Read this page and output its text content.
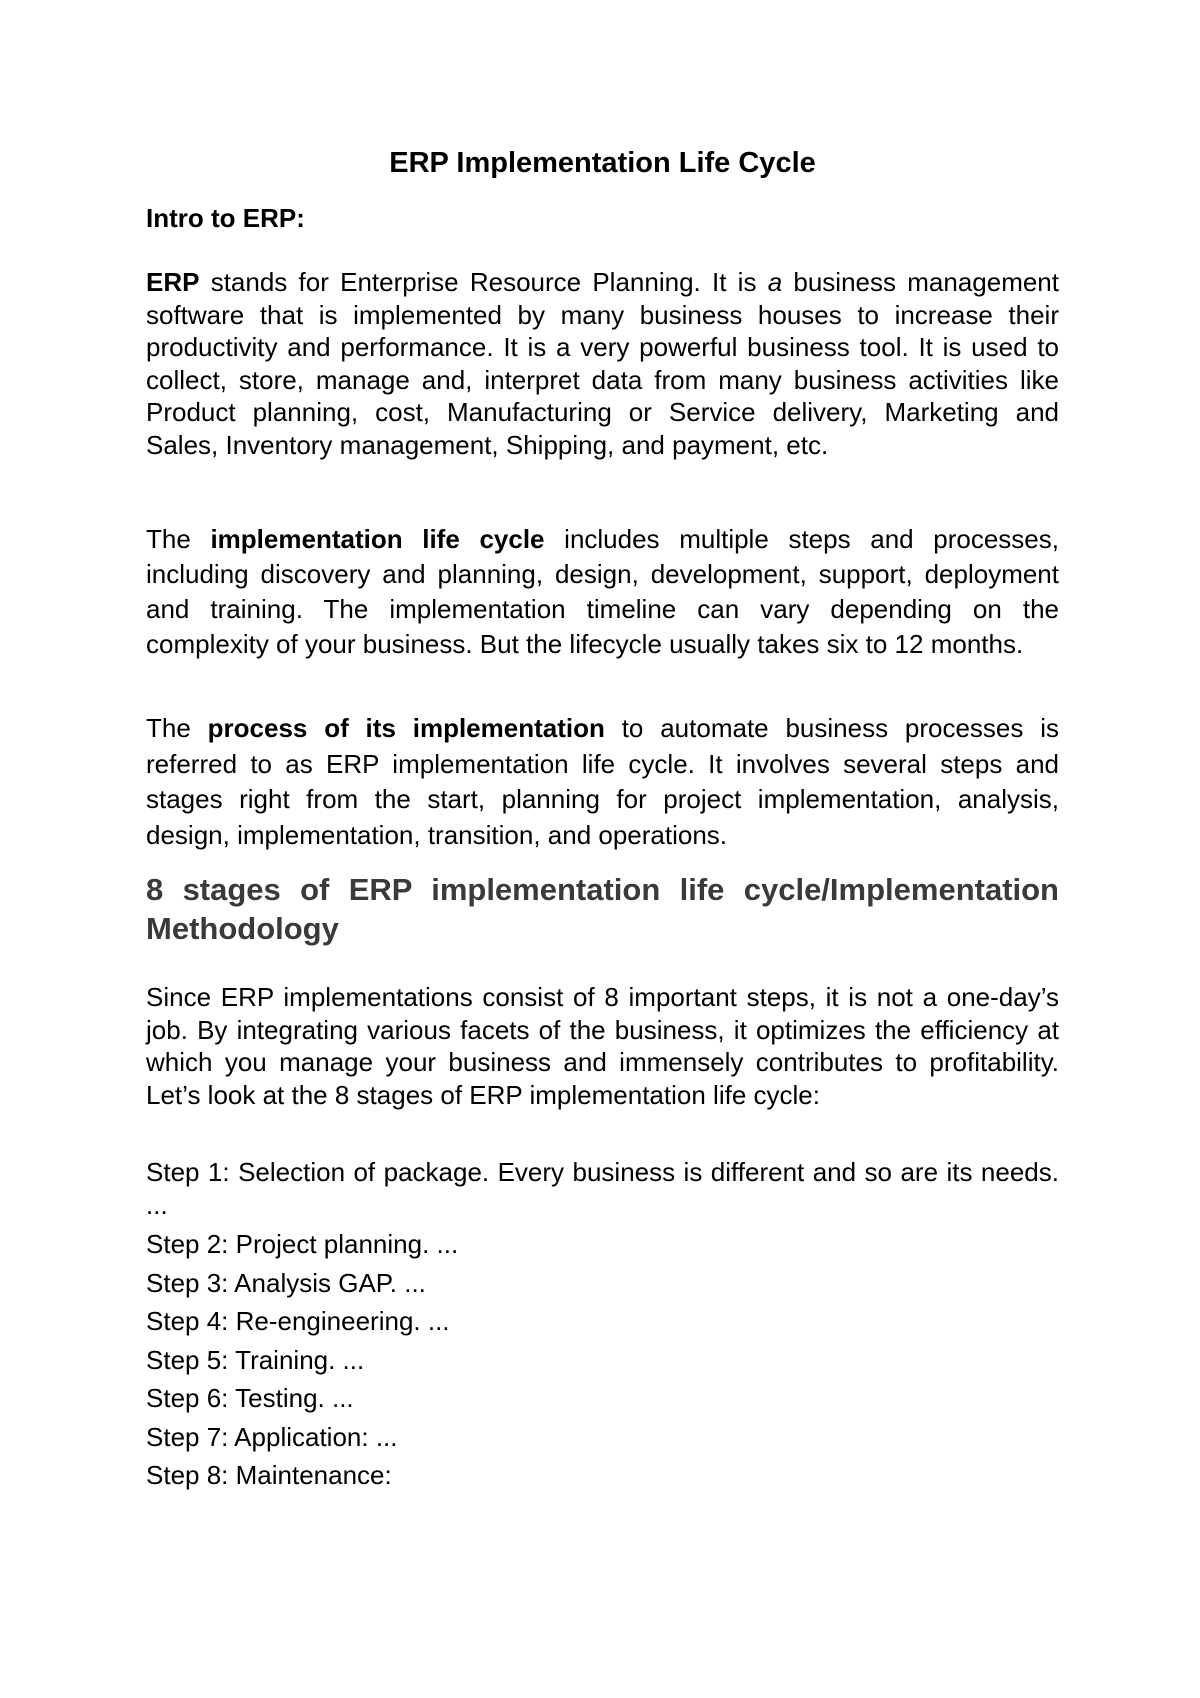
ERP Implementation Life Cycle

Intro to ERP:

ERP stands for Enterprise Resource Planning. It is a business management software that is implemented by many business houses to increase their productivity and performance. It is a very powerful business tool. It is used to collect, store, manage and, interpret data from many business activities like Product planning, cost, Manufacturing or Service delivery, Marketing and Sales, Inventory management, Shipping, and payment, etc.

The implementation life cycle includes multiple steps and processes, including discovery and planning, design, development, support, deployment and training. The implementation timeline can vary depending on the complexity of your business. But the lifecycle usually takes six to 12 months.

The process of its implementation to automate business processes is referred to as ERP implementation life cycle. It involves several steps and stages right from the start, planning for project implementation, analysis, design, implementation, transition, and operations.

8 stages of ERP implementation life cycle/Implementation Methodology

Since ERP implementations consist of 8 important steps, it is not a one-day’s job. By integrating various facets of the business, it optimizes the efficiency at which you manage your business and immensely contributes to profitability. Let’s look at the 8 stages of ERP implementation life cycle:

Step 1: Selection of package. Every business is different and so are its needs. ...
Step 2: Project planning. ...
Step 3: Analysis GAP. ...
Step 4: Re-engineering. ...
Step 5: Training. ...
Step 6: Testing. ...
Step 7: Application: ...
Step 8: Maintenance:
